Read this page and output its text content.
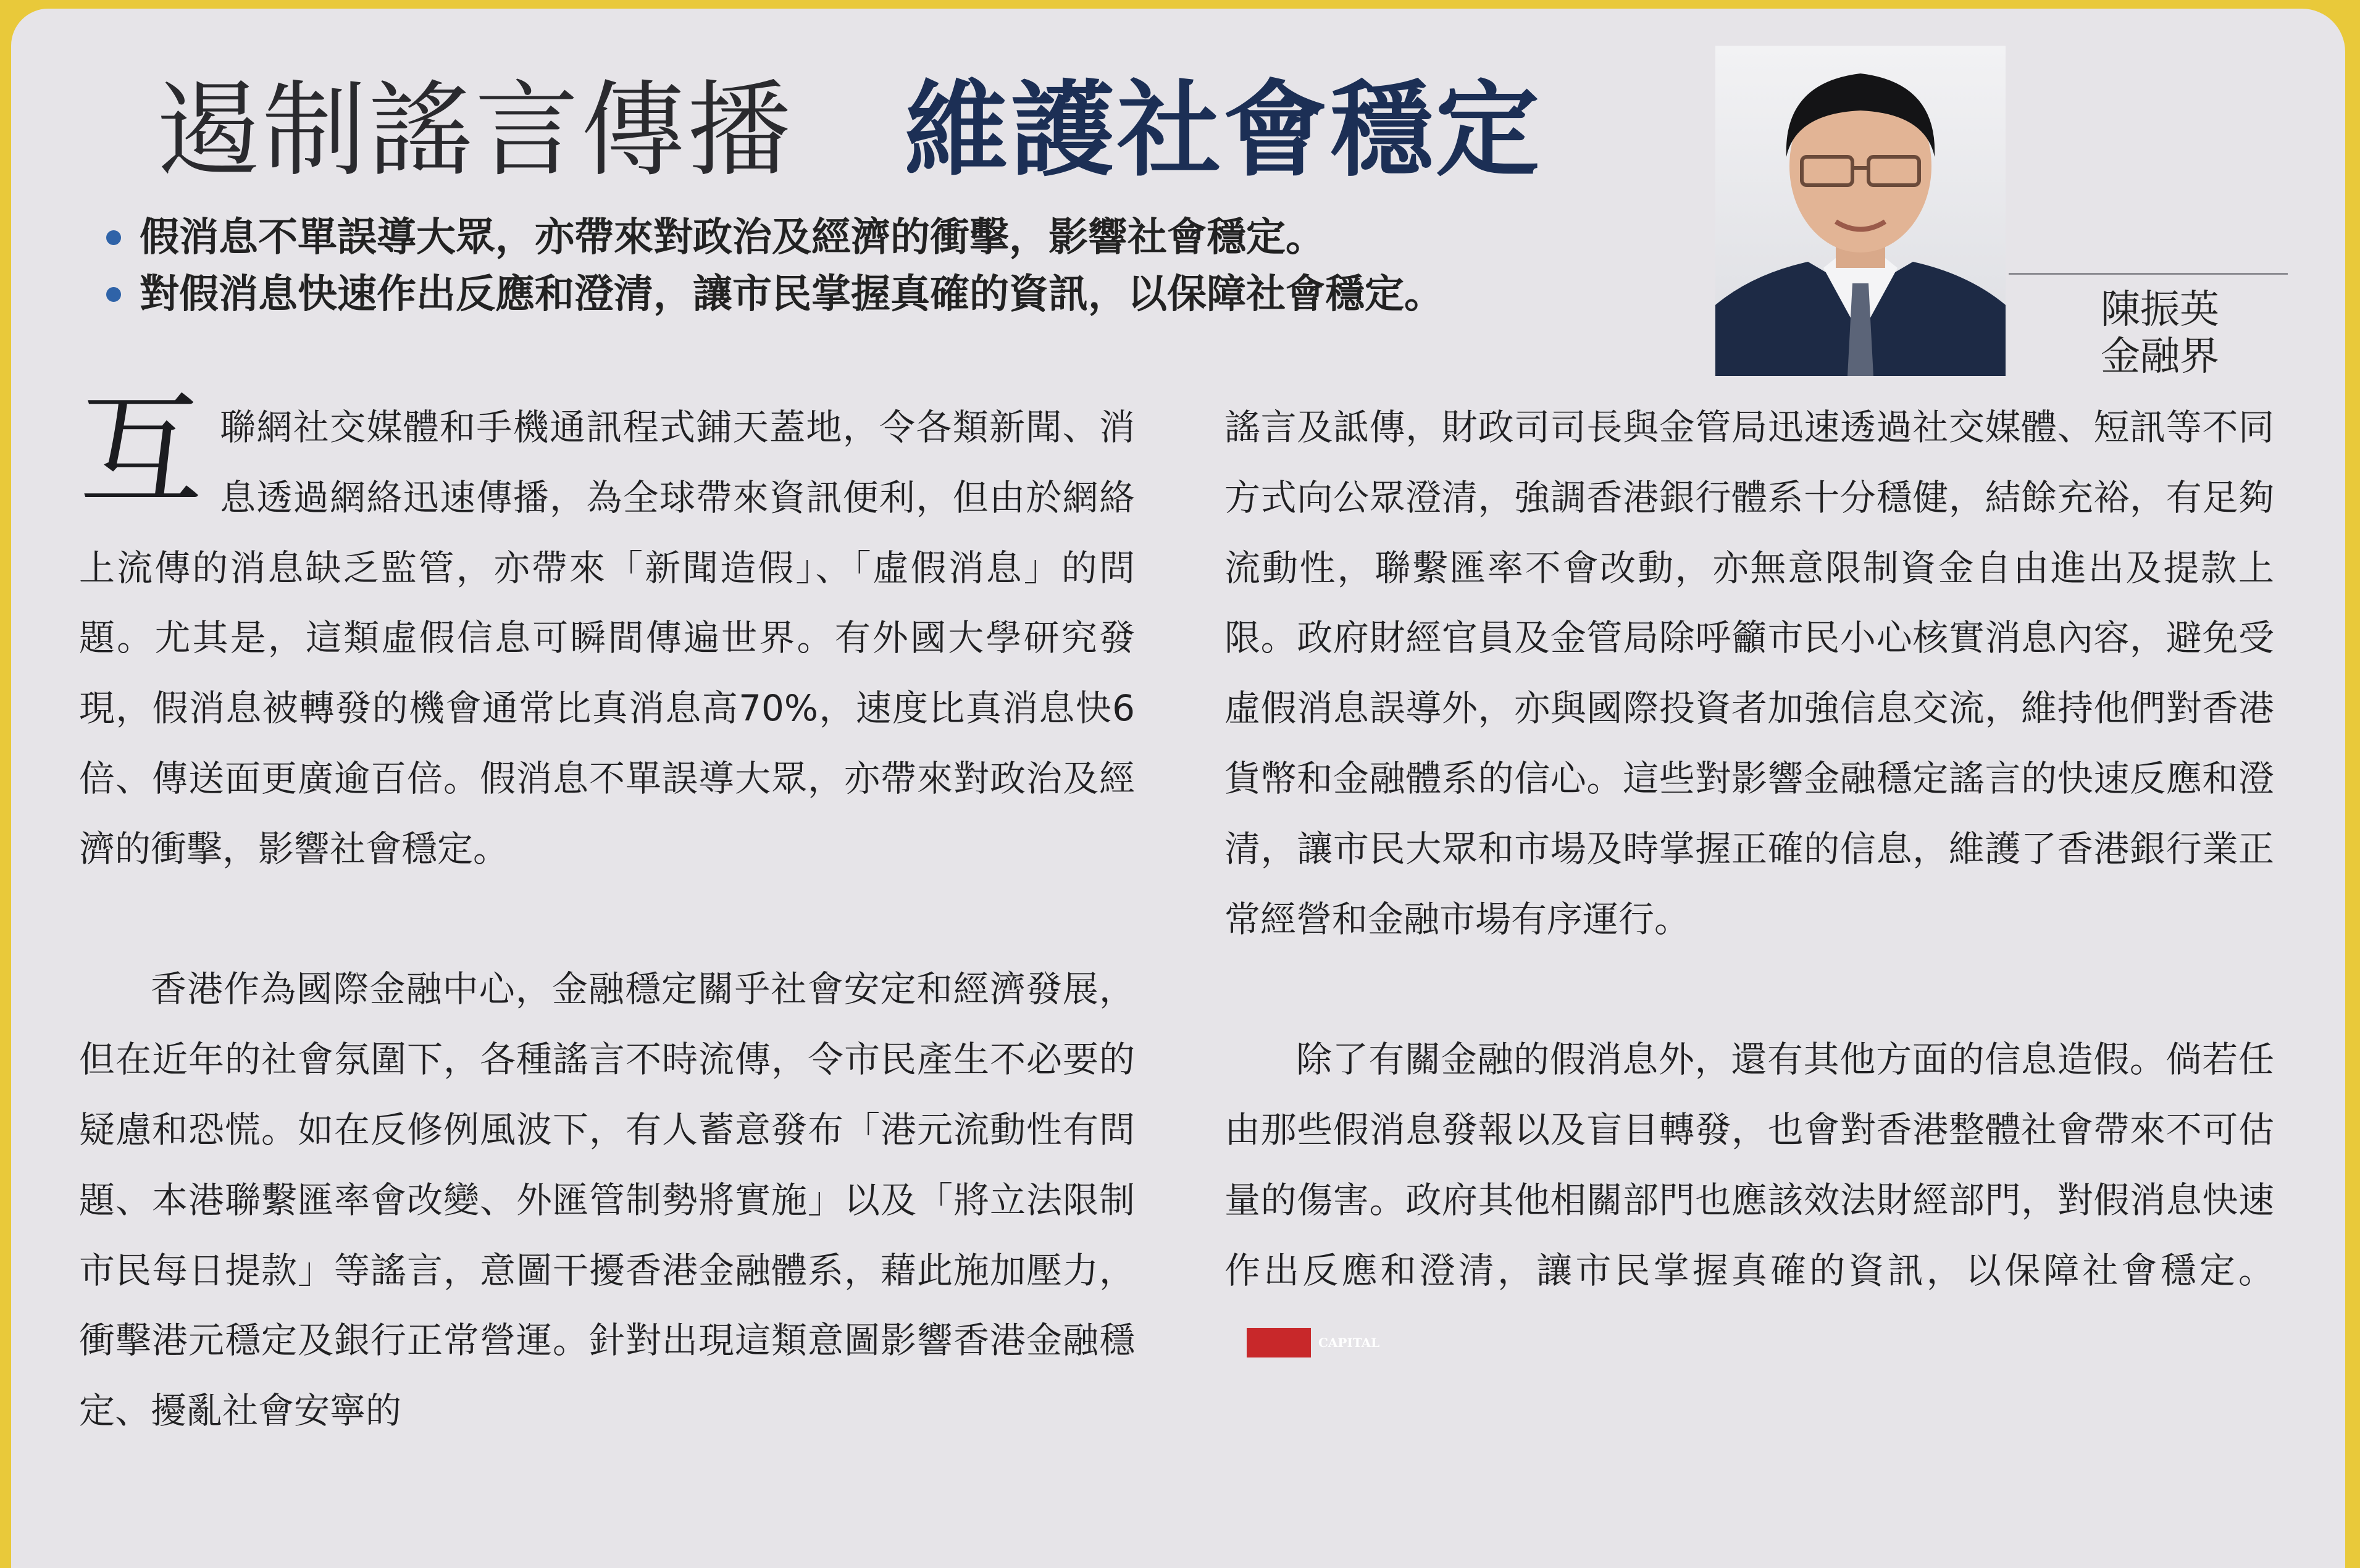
遏制謠言傳播 維護社會穩定
假消息不單誤導大眾，亦帶來對政治及經濟的衝擊，影響社會穩定。
對假消息快速作出反應和澄清，讓市民掌握真確的資訊，以保障社會穩定。	陳振英
金融界

互聯網社交媒體和手機通訊程式鋪天蓋地，令各類新聞、消息透過網絡迅速傳播，為全球帶來資訊便利，但由於網絡上流傳的消息缺乏監管，亦帶來「新聞造假」、「虛假消息」的問題。尤其是，這類虛假信息可瞬間傳遍世界。有外國大學研究發現，假消息被轉發的機會通常比真消息高70%，速度比真消息快6倍、傳送面更廣逾百倍。假消息不單誤導大眾，亦帶來對政治及經濟的衝擊，影響社會穩定。

香港作為國際金融中心，金融穩定關乎社會安定和經濟發展，但在近年的社會氛圍下，各種謠言不時流傳，令市民產生不必要的疑慮和恐慌。如在反修例風波下，有人蓄意發布「港元流動性有問題、本港聯繫匯率會改變、外匯管制勢將實施」以及「將立法限制市民每日提款」等謠言，意圖干擾香港金融體系，藉此施加壓力，衝擊港元穩定及銀行正常營運。針對出現這類意圖影響香港金融穩定、擾亂社會安寧的

謠言及詆傳，財政司司長與金管局迅速透過社交媒體、短訊等不同方式向公眾澄清，強調香港銀行體系十分穩健，結餘充裕，有足夠流動性，聯繫匯率不會改動，亦無意限制資金自由進出及提款上限。政府財經官員及金管局除呼籲市民小心核實消息內容，避免受虛假消息誤導外，亦與國際投資者加強信息交流，維持他們對香港貨幣和金融體系的信心。這些對影響金融穩定謠言的快速反應和澄清，讓市民大眾和市場及時掌握正確的信息，維護了香港銀行業正常經營和金融市場有序運行。

除了有關金融的假消息外，還有其他方面的信息造假。倘若任由那些假消息發報以及盲目轉發，也會對香港整體社會帶來不可估量的傷害。政府其他相關部門也應該效法財經部門，對假消息快速作出反應和澄清，讓市民掌握真確的資訊，以保障社會穩定。CAPITAL
